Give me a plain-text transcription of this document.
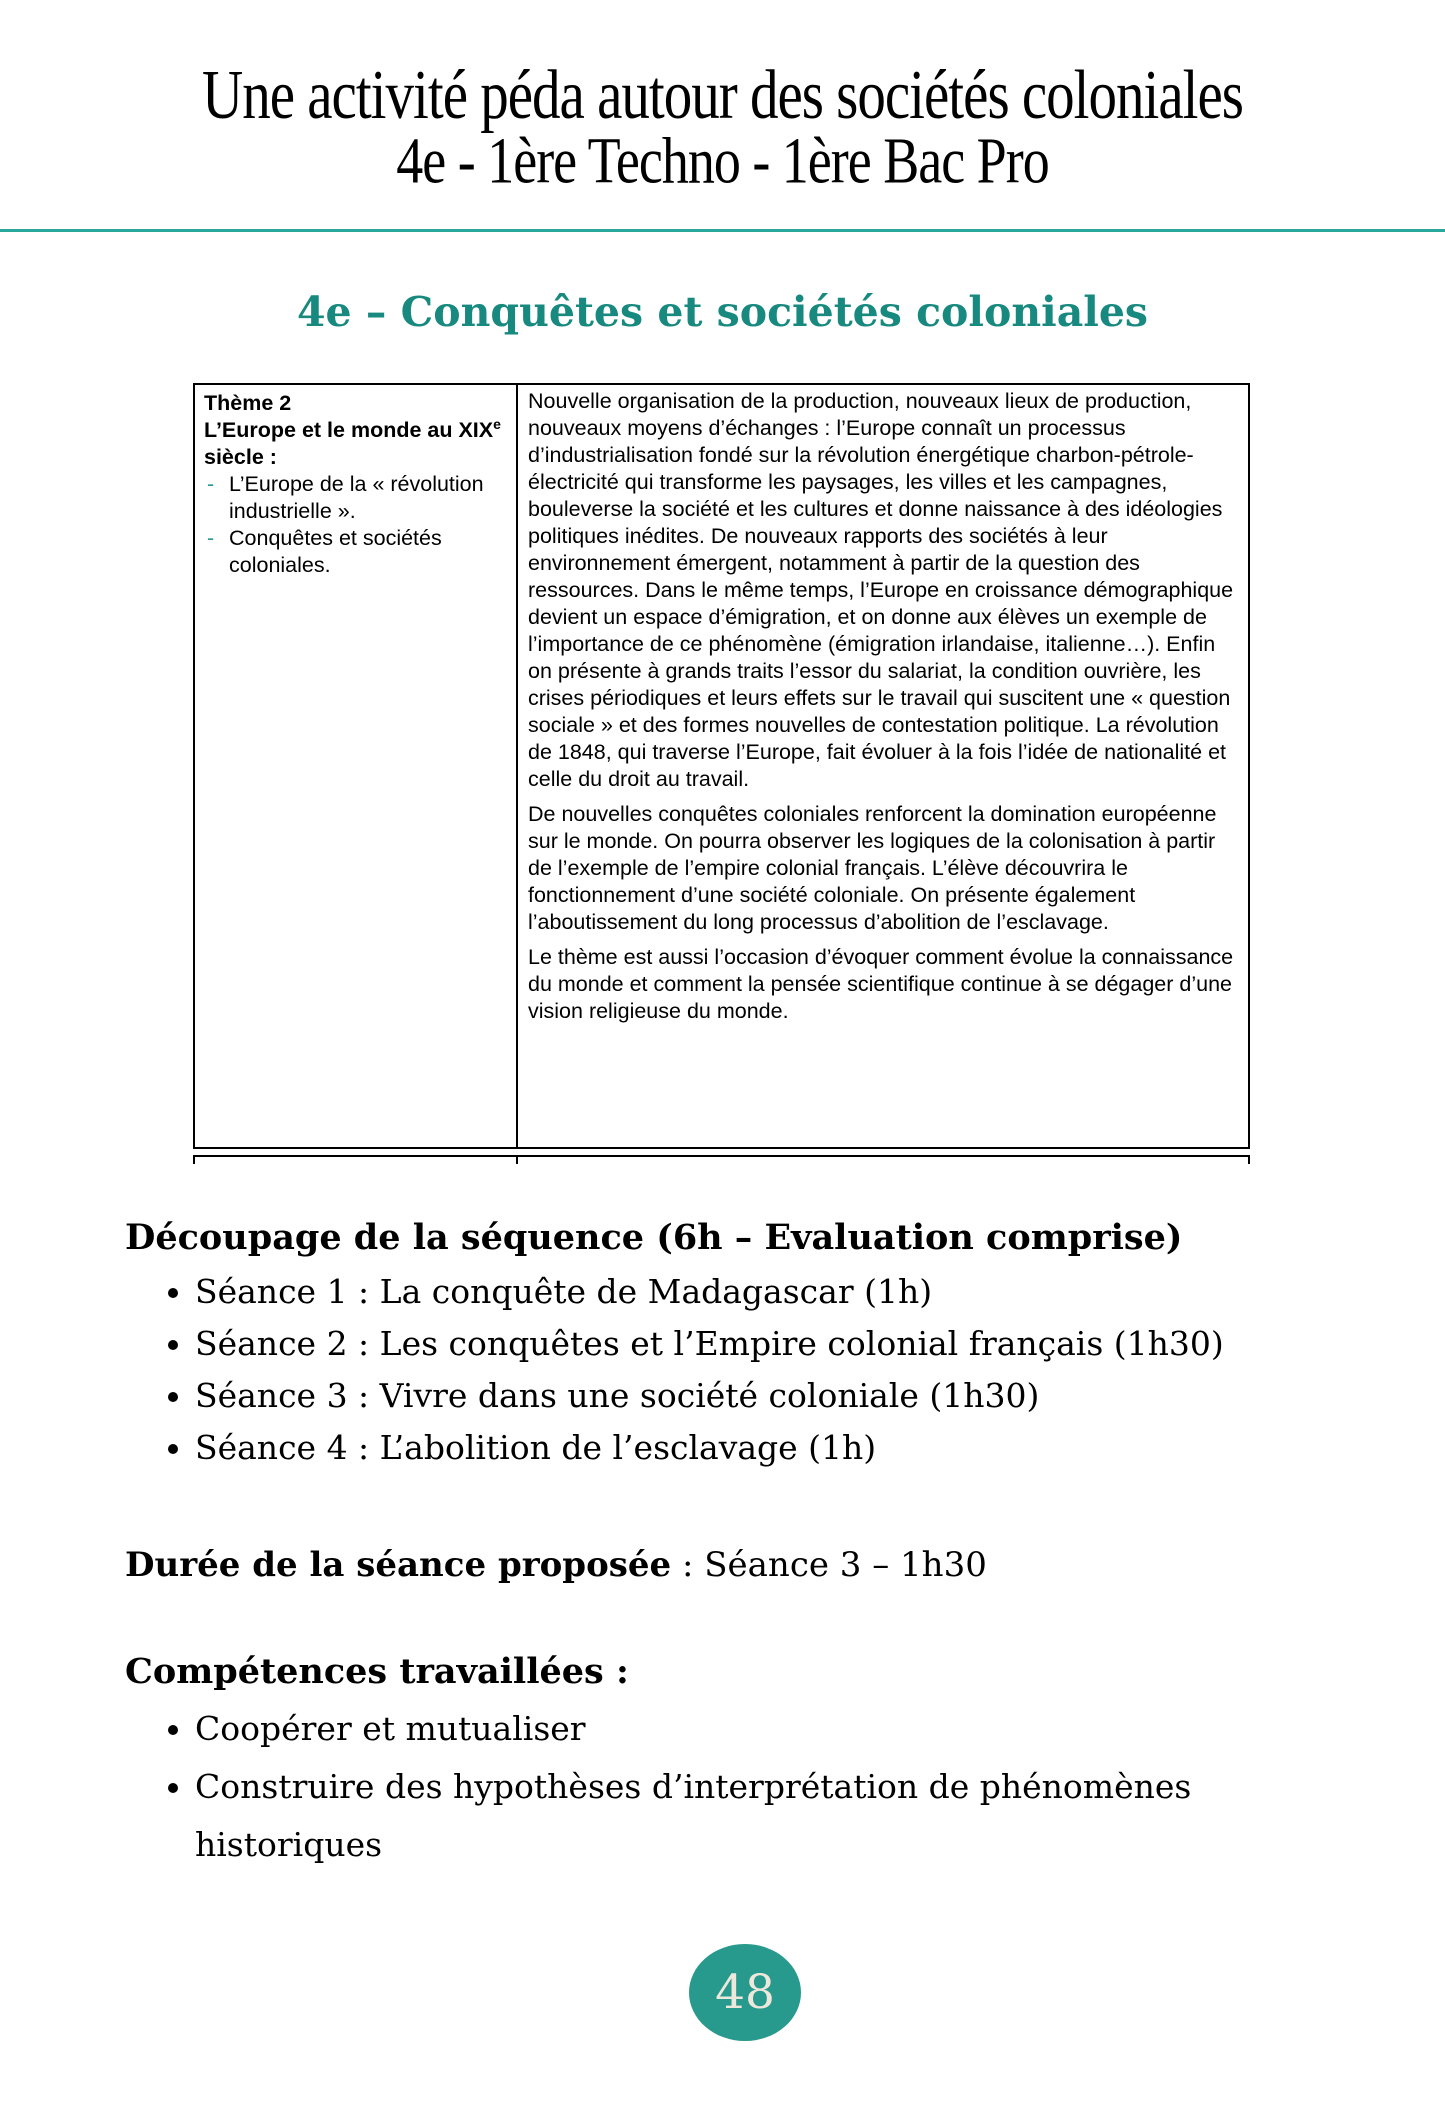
Une activité péda autour des sociétés coloniales
4e - 1ère Techno - 1ère Bac Pro
4e – Conquêtes et sociétés coloniales
Thème 2
L’Europe et le monde au XIXe siècle :
- L’Europe de la « révolution industrielle ».
- Conquêtes et sociétés coloniales.

Nouvelle organisation de la production, nouveaux lieux de production, nouveaux moyens d’échanges : l’Europe connaît un processus d’industrialisation fondé sur la révolution énergétique charbon-pétrole-électricité qui transforme les paysages, les villes et les campagnes, bouleverse la société et les cultures et donne naissance à des idéologies politiques inédites. De nouveaux rapports des sociétés à leur environnement émergent, notamment à partir de la question des ressources. Dans le même temps, l’Europe en croissance démographique devient un espace d’émigration, et on donne aux élèves un exemple de l’importance de ce phénomène (émigration irlandaise, italienne…). Enfin on présente à grands traits l’essor du salariat, la condition ouvrière, les crises périodiques et leurs effets sur le travail qui suscitent une « question sociale » et des formes nouvelles de contestation politique. La révolution de 1848, qui traverse l’Europe, fait évoluer à la fois l’idée de nationalité et celle du droit au travail.

De nouvelles conquêtes coloniales renforcent la domination européenne sur le monde. On pourra observer les logiques de la colonisation à partir de l’exemple de l’empire colonial français. L’élève découvrira le fonctionnement d’une société coloniale. On présente également l’aboutissement du long processus d’abolition de l’esclavage.

Le thème est aussi l’occasion d’évoquer comment évolue la connaissance du monde et comment la pensée scientifique continue à se dégager d’une vision religieuse du monde.

Découpage de la séquence (6h – Evaluation comprise)
• Séance 1 : La conquête de Madagascar (1h)
• Séance 2 : Les conquêtes et l’Empire colonial français (1h30)
• Séance 3 : Vivre dans une société coloniale (1h30)
• Séance 4 : L’abolition de l’esclavage (1h)
Durée de la séance proposée : Séance 3 – 1h30
Compétences travaillées :
• Coopérer et mutualiser
• Construire des hypothèses d’interprétation de phénomènes historiques
48
